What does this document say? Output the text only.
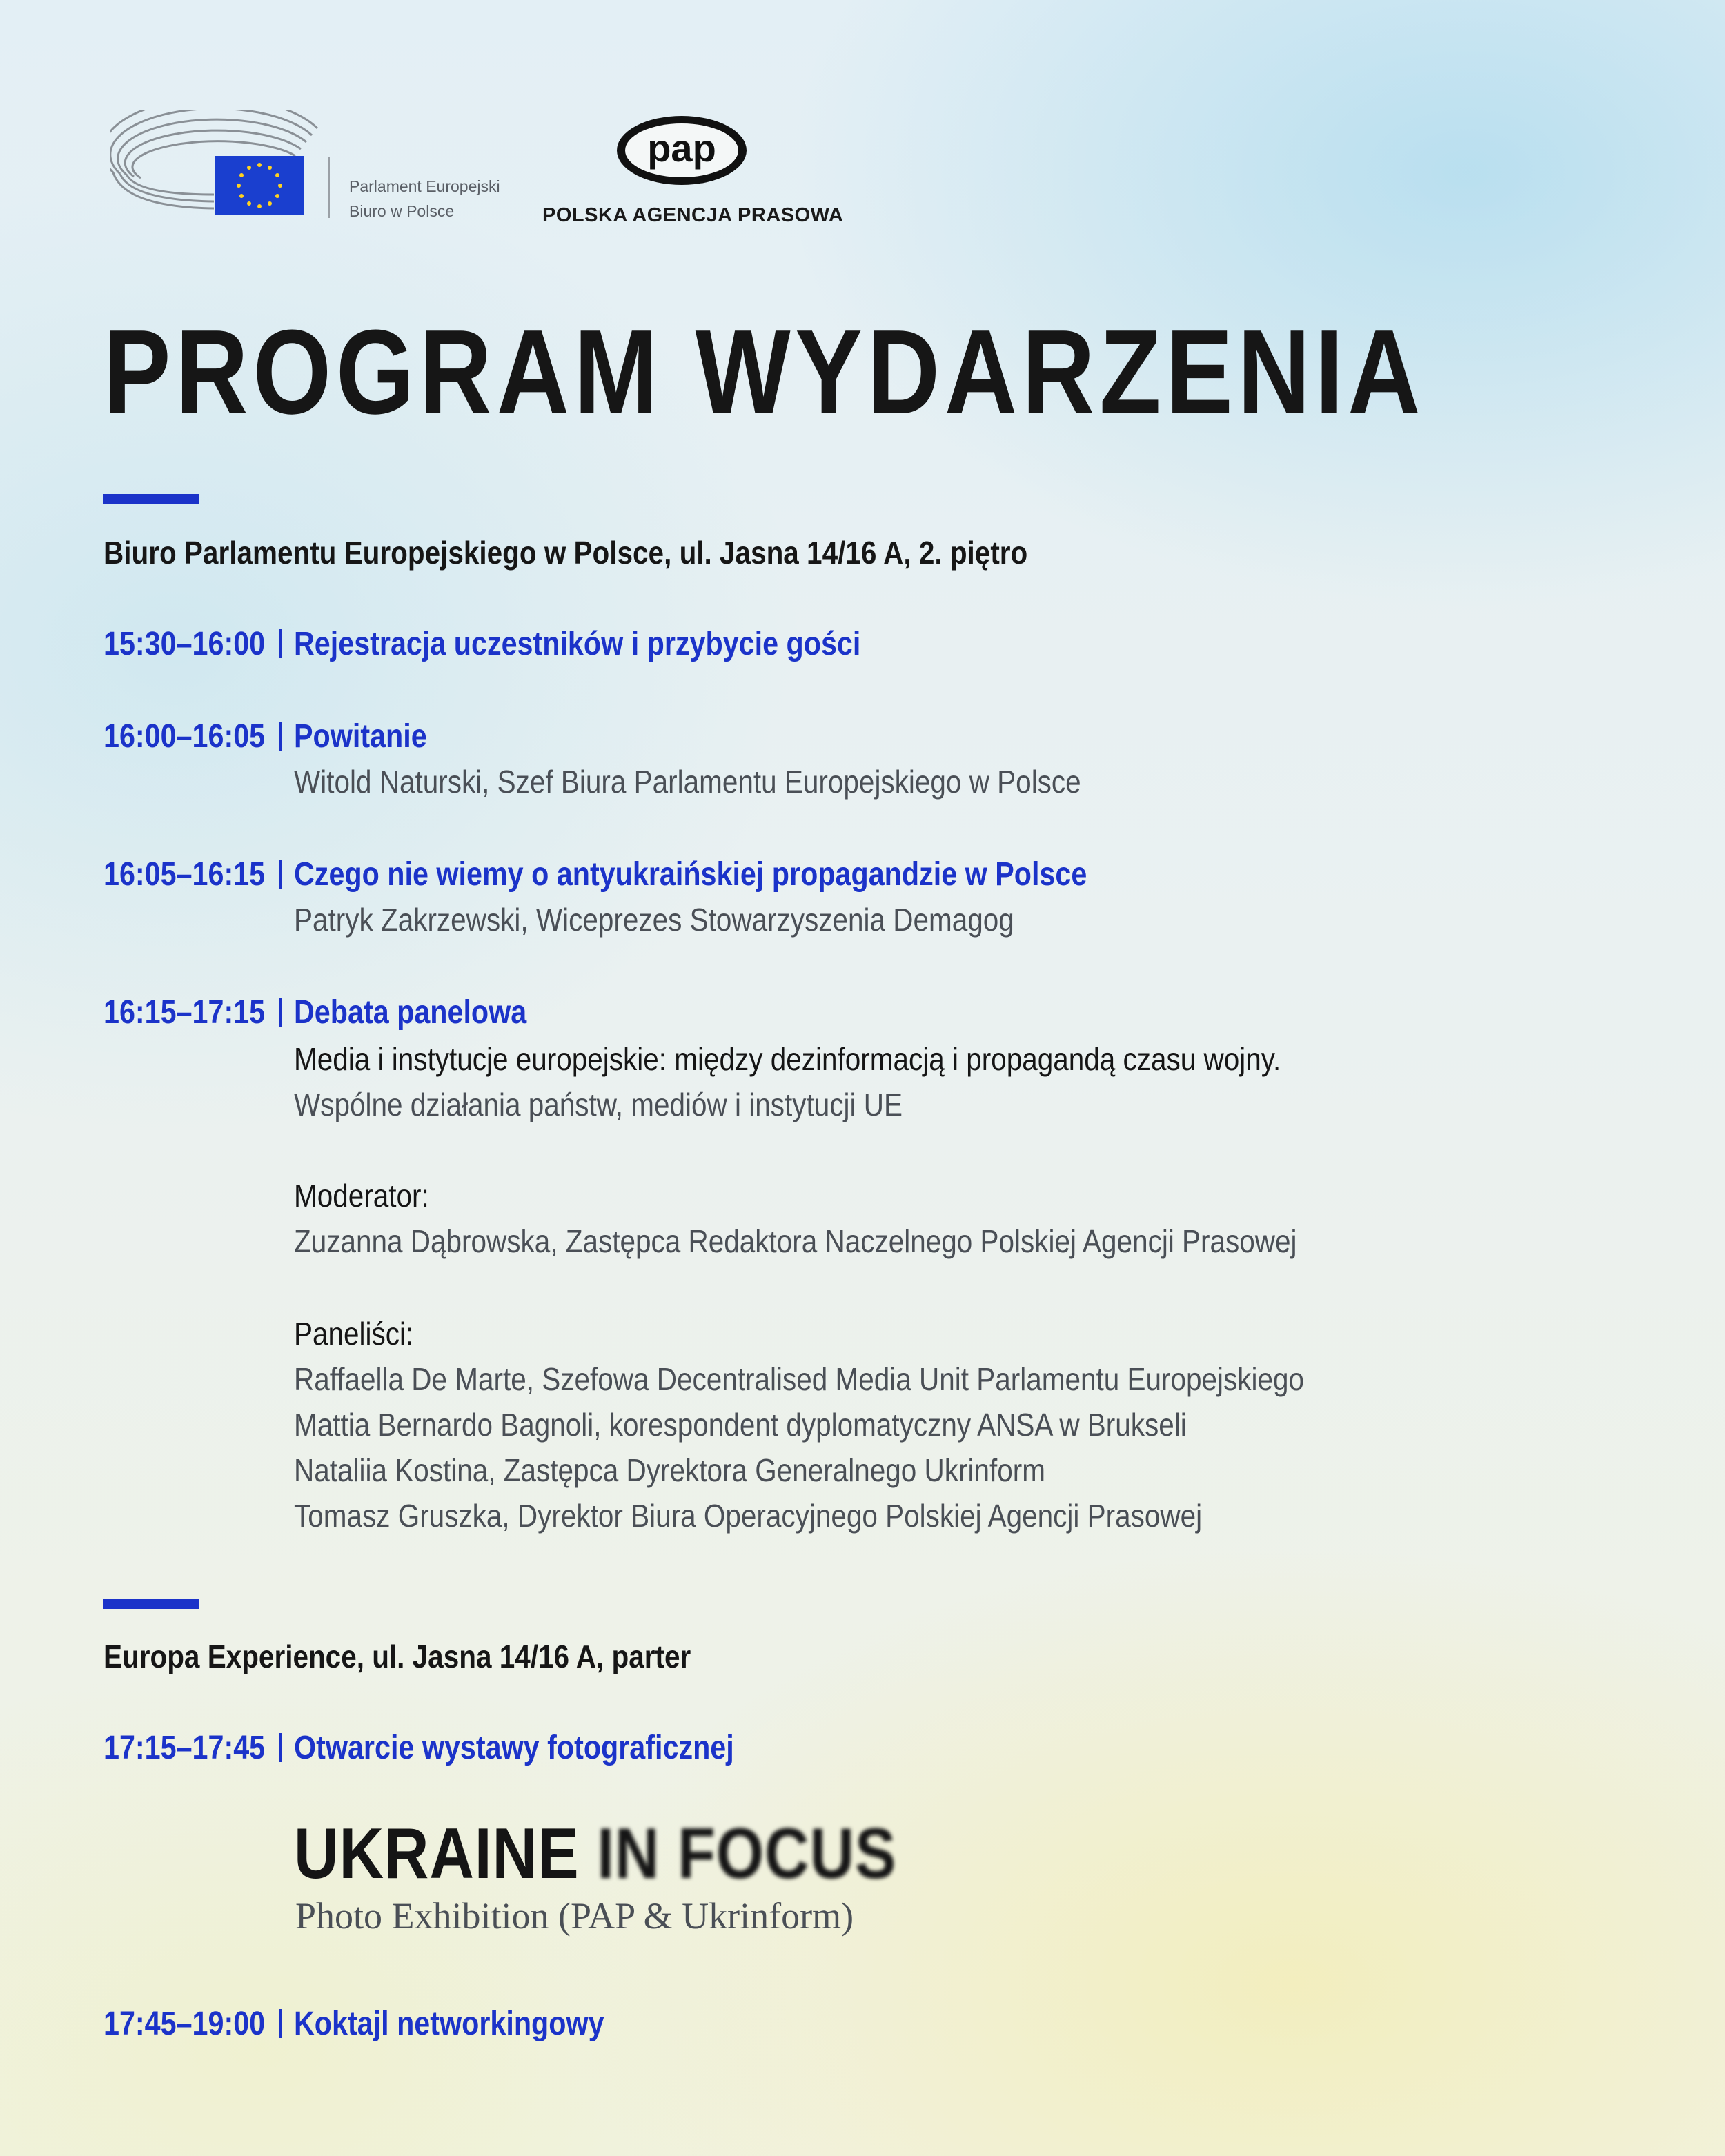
Parlament Europejski
Biuro w Polsce
pap
POLSKA AGENCJA PRASOWA
PROGRAM WYDARZENIA
Biuro Parlamentu Europejskiego w Polsce, ul. Jasna 14/16 A, 2. piętro
15:30–16:00 Rejestracja uczestników i przybycie gości
16:00–16:05 Powitanie
Witold Naturski, Szef Biura Parlamentu Europejskiego w Polsce
16:05–16:15 Czego nie wiemy o antyukraińskiej propagandzie w Polsce
Patryk Zakrzewski, Wiceprezes Stowarzyszenia Demagog
16:15–17:15 Debata panelowa
Media i instytucje europejskie: między dezinformacją i propagandą czasu wojny.
Wspólne działania państw, mediów i instytucji UE
Moderator:
Zuzanna Dąbrowska, Zastępca Redaktora Naczelnego Polskiej Agencji Prasowej
Paneliści:
Raffaella De Marte, Szefowa Decentralised Media Unit Parlamentu Europejskiego
Mattia Bernardo Bagnoli, korespondent dyplomatyczny ANSA w Brukseli
Nataliia Kostina, Zastępca Dyrektora Generalnego Ukrinform
Tomasz Gruszka, Dyrektor Biura Operacyjnego Polskiej Agencji Prasowej
Europa Experience, ul. Jasna 14/16 A, parter
17:15–17:45 Otwarcie wystawy fotograficznej
UKRAINE IN FOCUS
Photo Exhibition (PAP & Ukrinform)
17:45–19:00 Koktajl networkingowy
